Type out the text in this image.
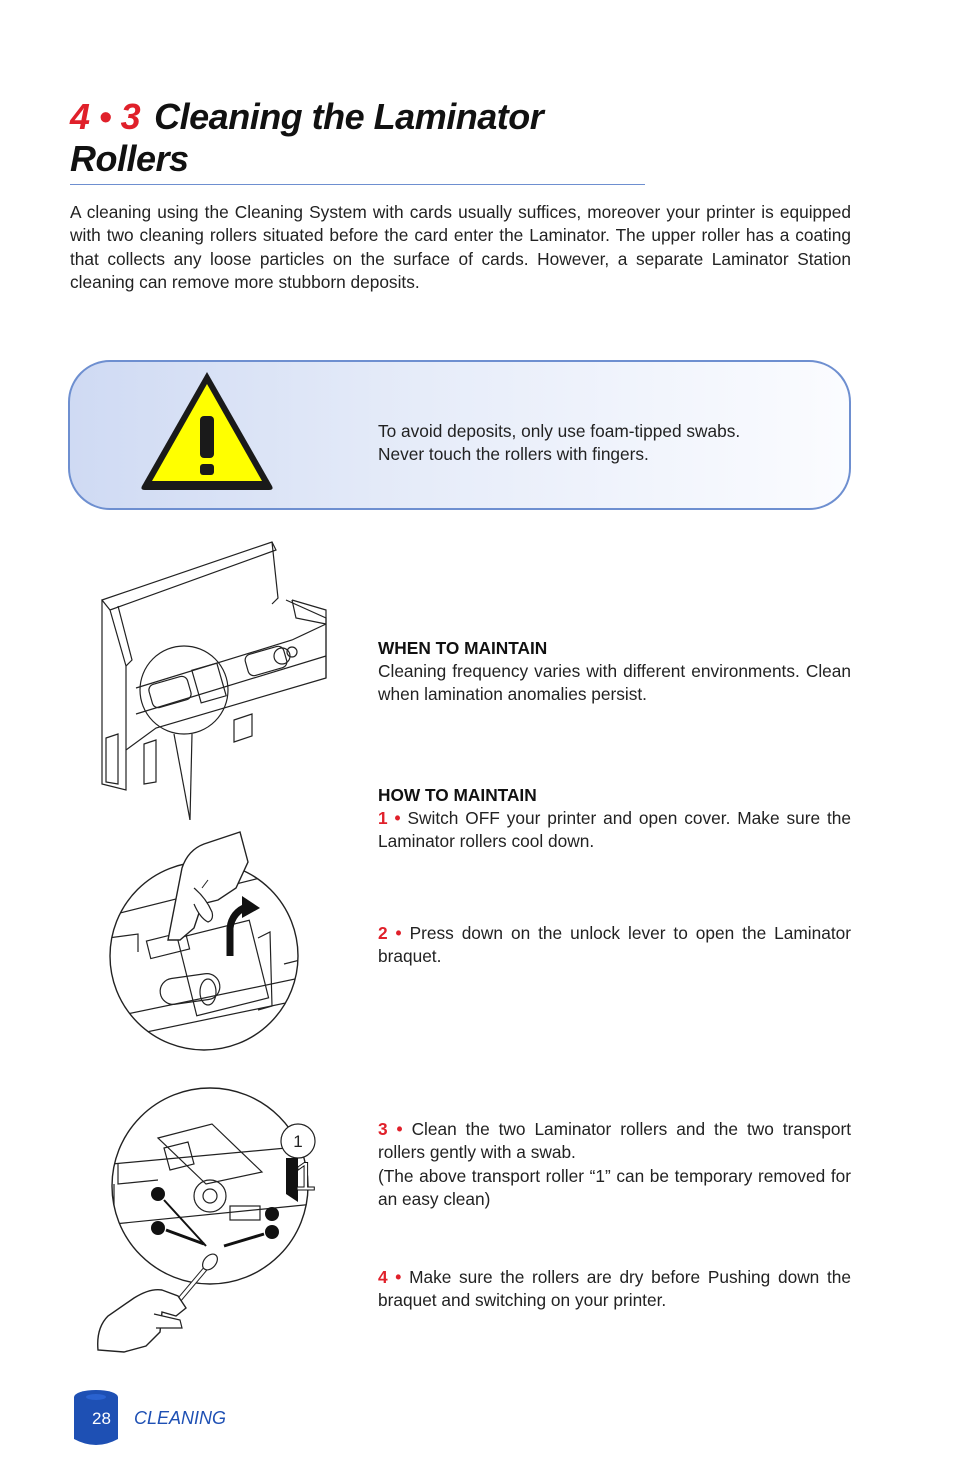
4 • 3 Cleaning the Laminator Rollers
A cleaning using the Cleaning System with cards usually suffices, moreover your printer is equipped with two cleaning rollers situated before the card enter the Laminator. The upper roller has a coating that collects any loose particles on the surface of cards. However, a separate Laminator Station cleaning can remove more stubborn deposits.
To avoid deposits, only use foam-tipped swabs.
Never touch the rollers with fingers.
1
1
WHEN TO MAINTAIN
Cleaning frequency varies with different environments. Clean when lamination anomalies persist.
HOW TO MAINTAIN
1 • Switch OFF your printer and open cover. Make sure the Laminator rollers cool down.
2 • Press down on the unlock lever to open the Laminator braquet.
3 • Clean the two Laminator rollers and the two transport rollers gently with a swab.
(The above transport roller “1” can be temporary removed for an easy clean)
4 • Make sure the rollers are dry before Pushing down the braquet and switching on your printer.
28 CLEANING
